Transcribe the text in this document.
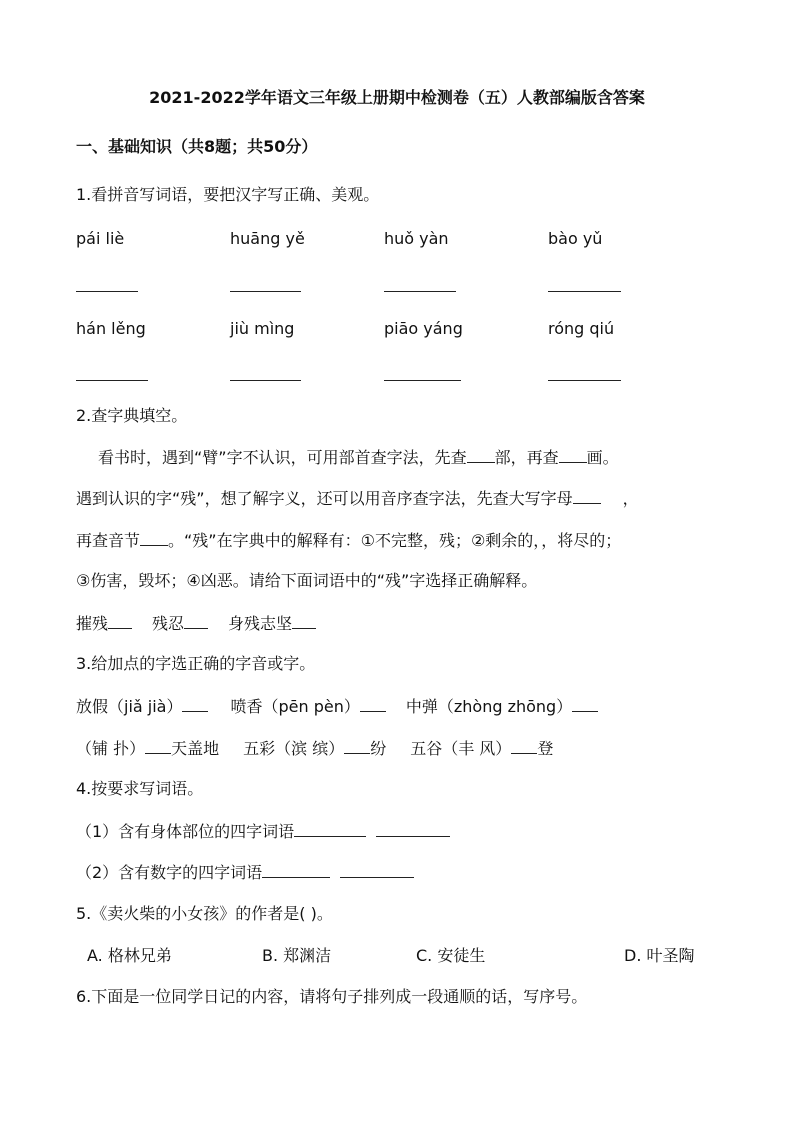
2021-2022学年语文三年级上册期中检测卷（五）人教部编版含答案
一、基础知识（共8题；共50分）
1.看拼音写词语，要把汉字写正确、美观。
pái liè	huāng yě	huǒ yàn	bào yǔ
hán lěng	jiù mìng	piāo yáng	róng qiú
2.查字典填空。
看书时，遇到“臂”字不认识，可用部首查字法，先查 部，再查 画。
遇到认识的字“残”，想了解字义，还可以用音序查字法，先查大写字母	，
再查音节 。“残”在字典中的解释有：①不完整，残；②剩余的，，将尽的；
③伤害，毁坏；④凶恶。请给下面词语中的“残”字选择正确解释。
摧残	残忍	身残志坚
3.给加点的字选正确的字音或字。
放假（jiǎ jià）	喷香（pēn pèn）	中弹（zhòng zhōng）
（铺 扑） 天盖地 五彩（滨 缤） 纷 五谷（丰 风） 登
4.按要求写词语。
（1）含有身体部位的四字词语
（2）含有数字的四字词语
5.《卖火柴的小女孩》的作者是( )。
A. 格林兄弟	B. 郑渊洁	C. 安徒生	D. 叶圣陶
6.下面是一位同学日记的内容，请将句子排列成一段通顺的话，写序号。
